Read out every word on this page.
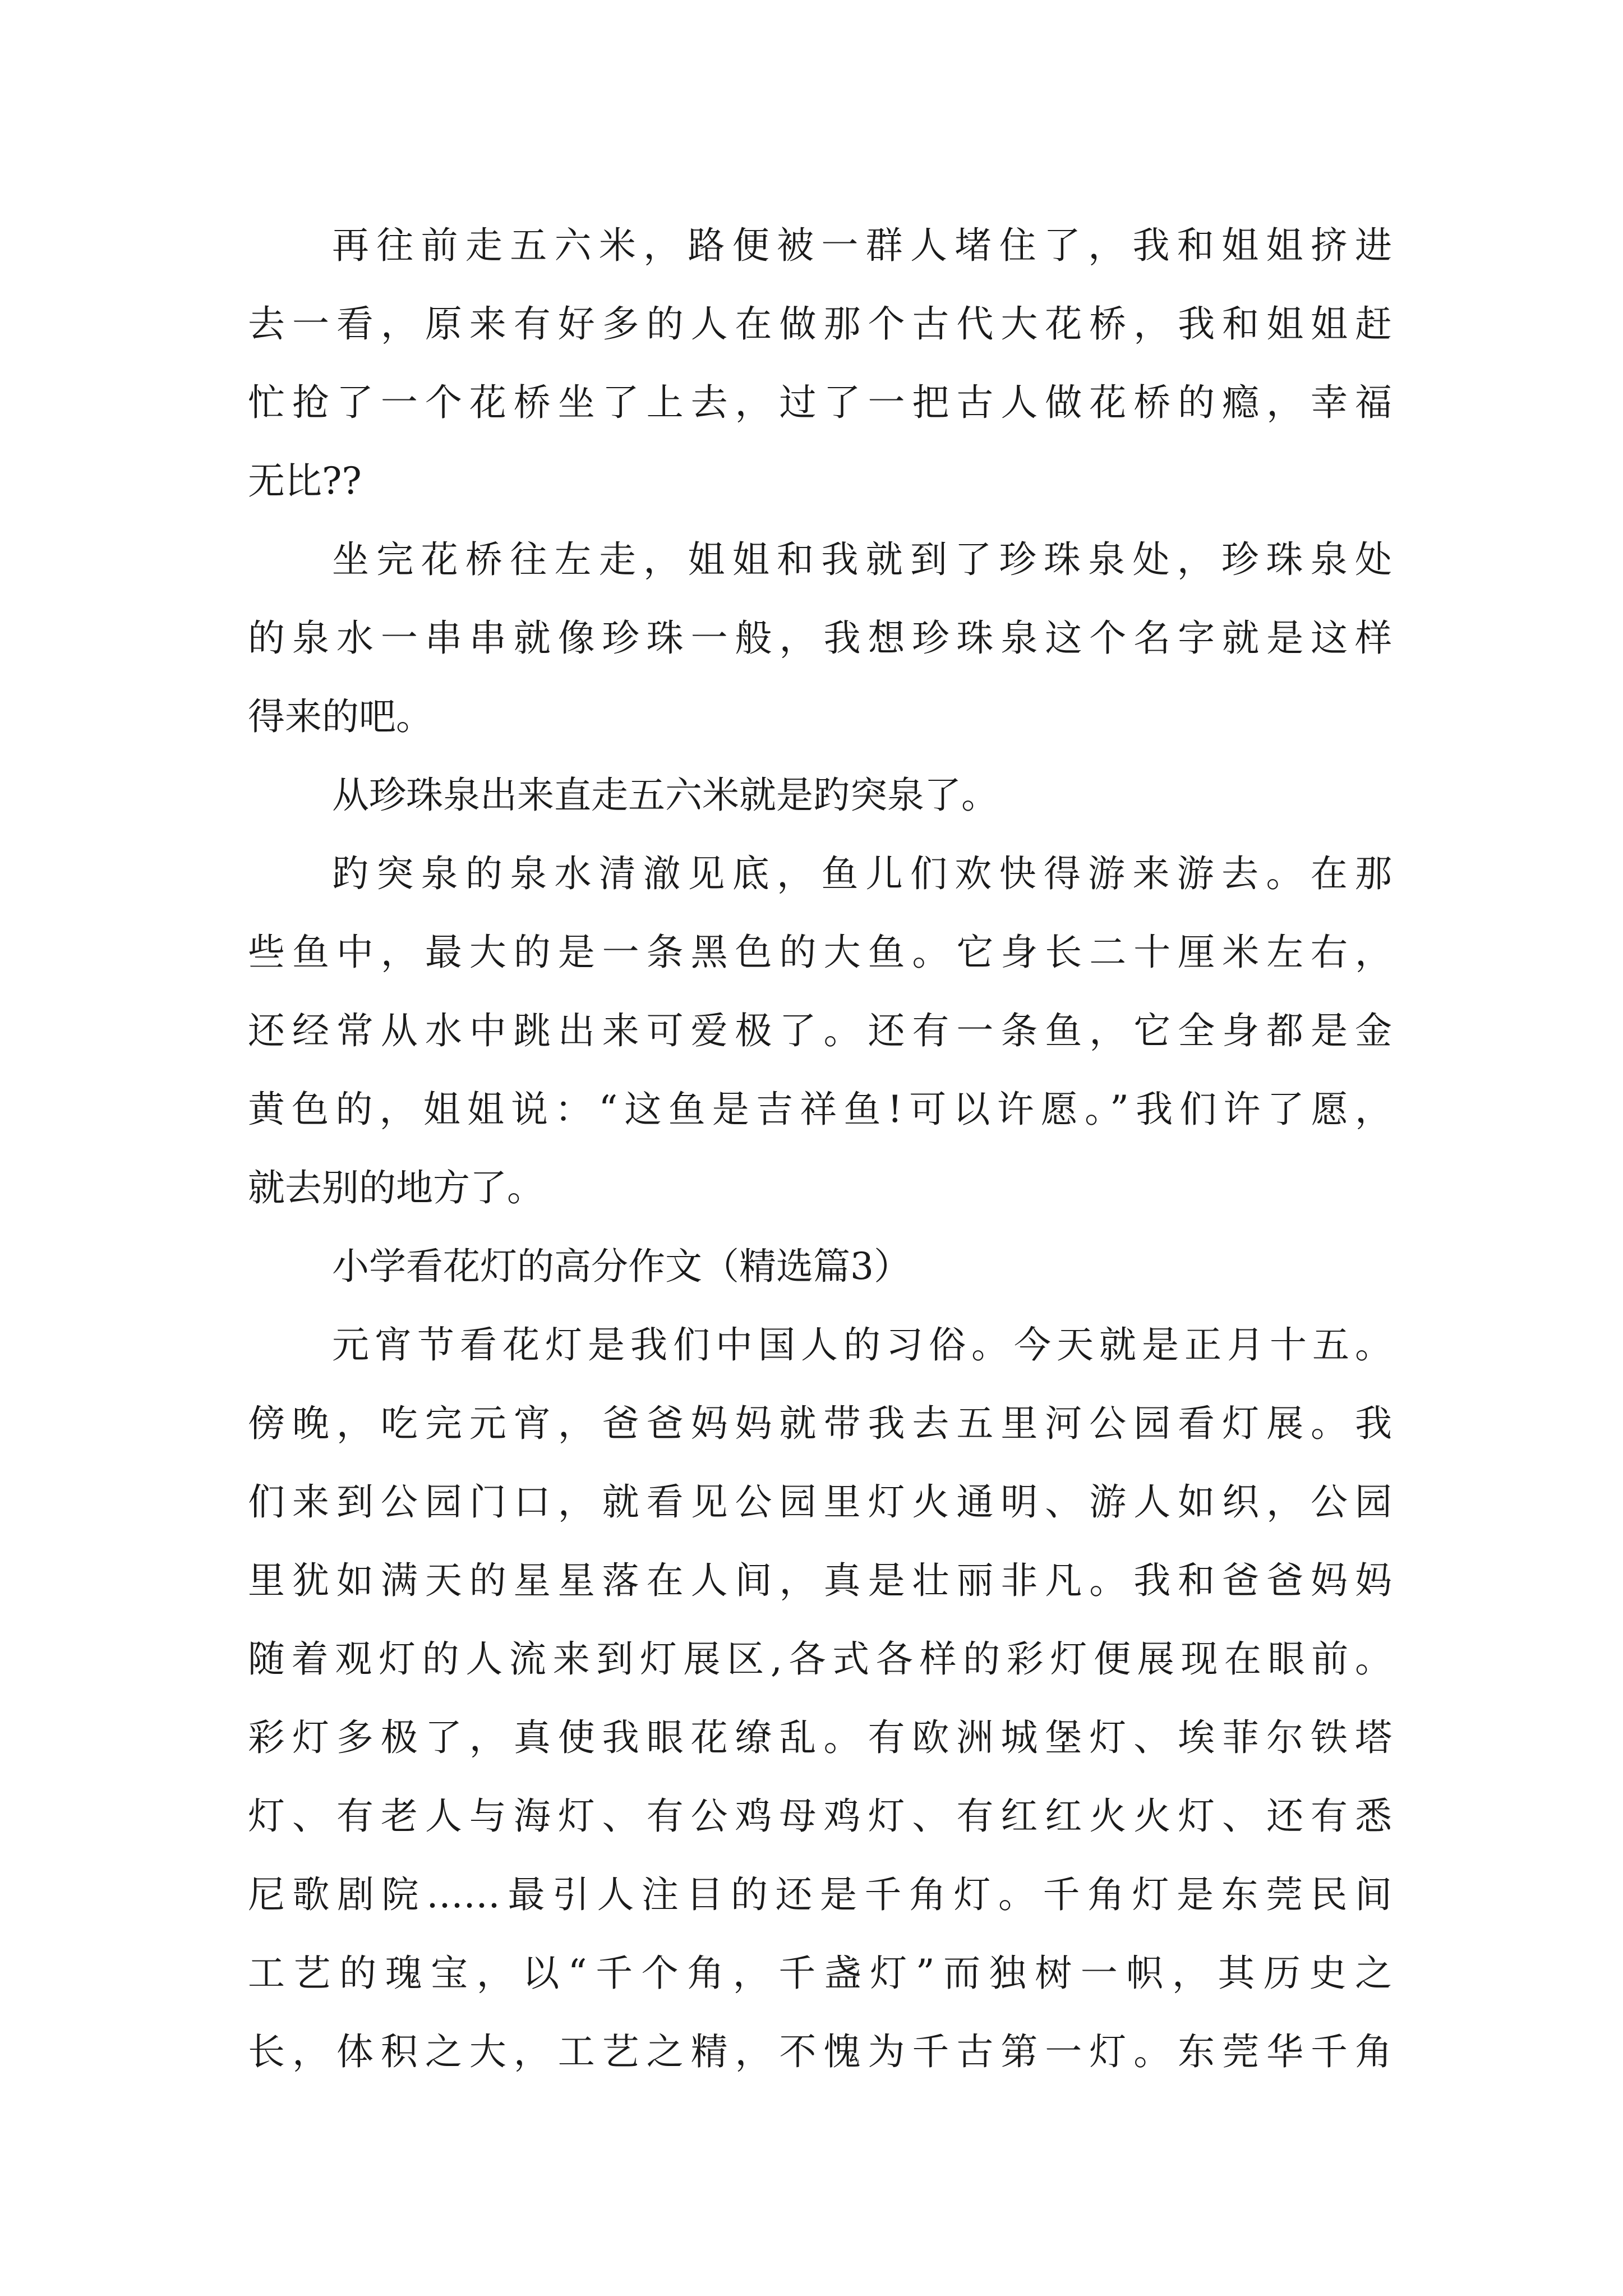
再往前走五六米，路便被一群人堵住了，我和姐姐挤进

去一看，原来有好多的人在做那个古代大花桥，我和姐姐赶

忙抢了一个花桥坐了上去，过了一把古人做花桥的瘾，幸福

无比??

坐完花桥往左走，姐姐和我就到了珍珠泉处，珍珠泉处

的泉水一串串就像珍珠一般，我想珍珠泉这个名字就是这样

得来的吧。

从珍珠泉出来直走五六米就是趵突泉了。

趵突泉的泉水清澈见底，鱼儿们欢快得游来游去。在那

些鱼中，最大的是一条黑色的大鱼。它身长二十厘米左右，

还经常从水中跳出来可爱极了。还有一条鱼，它全身都是金

黄色的，姐姐说：“这鱼是吉祥鱼!可以许愿。”我们许了愿，

就去别的地方了。

小学看花灯的高分作文（精选篇3）

元宵节看花灯是我们中国人的习俗。今天就是正月十五。

傍晚，吃完元宵，爸爸妈妈就带我去五里河公园看灯展。我

们来到公园门口，就看见公园里灯火通明、游人如织，公园

里犹如满天的星星落在人间，真是壮丽非凡。我和爸爸妈妈

随着观灯的人流来到灯展区,各式各样的彩灯便展现在眼前。

彩灯多极了，真使我眼花缭乱。有欧洲城堡灯、埃菲尔铁塔

灯、有老人与海灯、有公鸡母鸡灯、有红红火火灯、还有悉

尼歌剧院……最引人注目的还是千角灯。千角灯是东莞民间

工艺的瑰宝，以“千个角，千盏灯”而独树一帜，其历史之

长，体积之大，工艺之精，不愧为千古第一灯。东莞华千角
